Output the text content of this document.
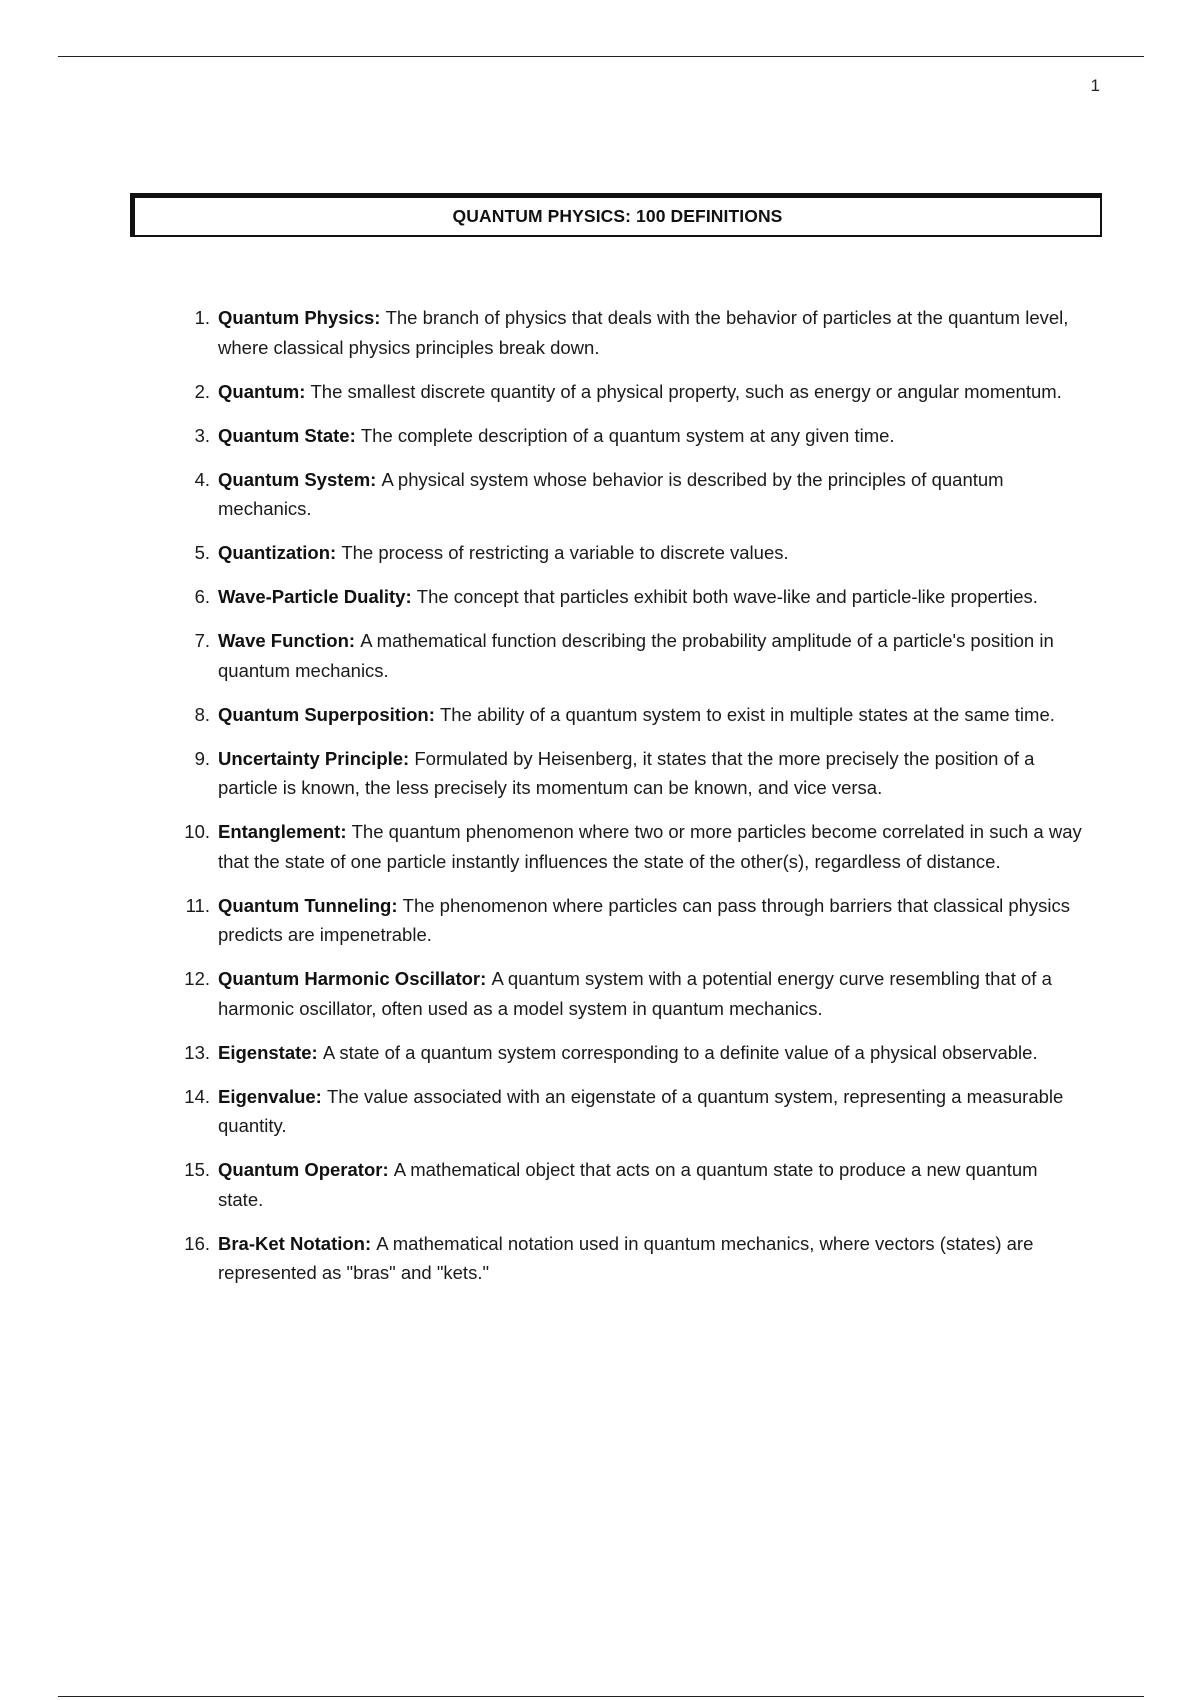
1
QUANTUM PHYSICS: 100 DEFINITIONS
1. Quantum Physics: The branch of physics that deals with the behavior of particles at the quantum level, where classical physics principles break down.
2. Quantum: The smallest discrete quantity of a physical property, such as energy or angular momentum.
3. Quantum State: The complete description of a quantum system at any given time.
4. Quantum System: A physical system whose behavior is described by the principles of quantum mechanics.
5. Quantization: The process of restricting a variable to discrete values.
6. Wave-Particle Duality: The concept that particles exhibit both wave-like and particle-like properties.
7. Wave Function: A mathematical function describing the probability amplitude of a particle's position in quantum mechanics.
8. Quantum Superposition: The ability of a quantum system to exist in multiple states at the same time.
9. Uncertainty Principle: Formulated by Heisenberg, it states that the more precisely the position of a particle is known, the less precisely its momentum can be known, and vice versa.
10. Entanglement: The quantum phenomenon where two or more particles become correlated in such a way that the state of one particle instantly influences the state of the other(s), regardless of distance.
11. Quantum Tunneling: The phenomenon where particles can pass through barriers that classical physics predicts are impenetrable.
12. Quantum Harmonic Oscillator: A quantum system with a potential energy curve resembling that of a harmonic oscillator, often used as a model system in quantum mechanics.
13. Eigenstate: A state of a quantum system corresponding to a definite value of a physical observable.
14. Eigenvalue: The value associated with an eigenstate of a quantum system, representing a measurable quantity.
15. Quantum Operator: A mathematical object that acts on a quantum state to produce a new quantum state.
16. Bra-Ket Notation: A mathematical notation used in quantum mechanics, where vectors (states) are represented as "bras" and "kets."
